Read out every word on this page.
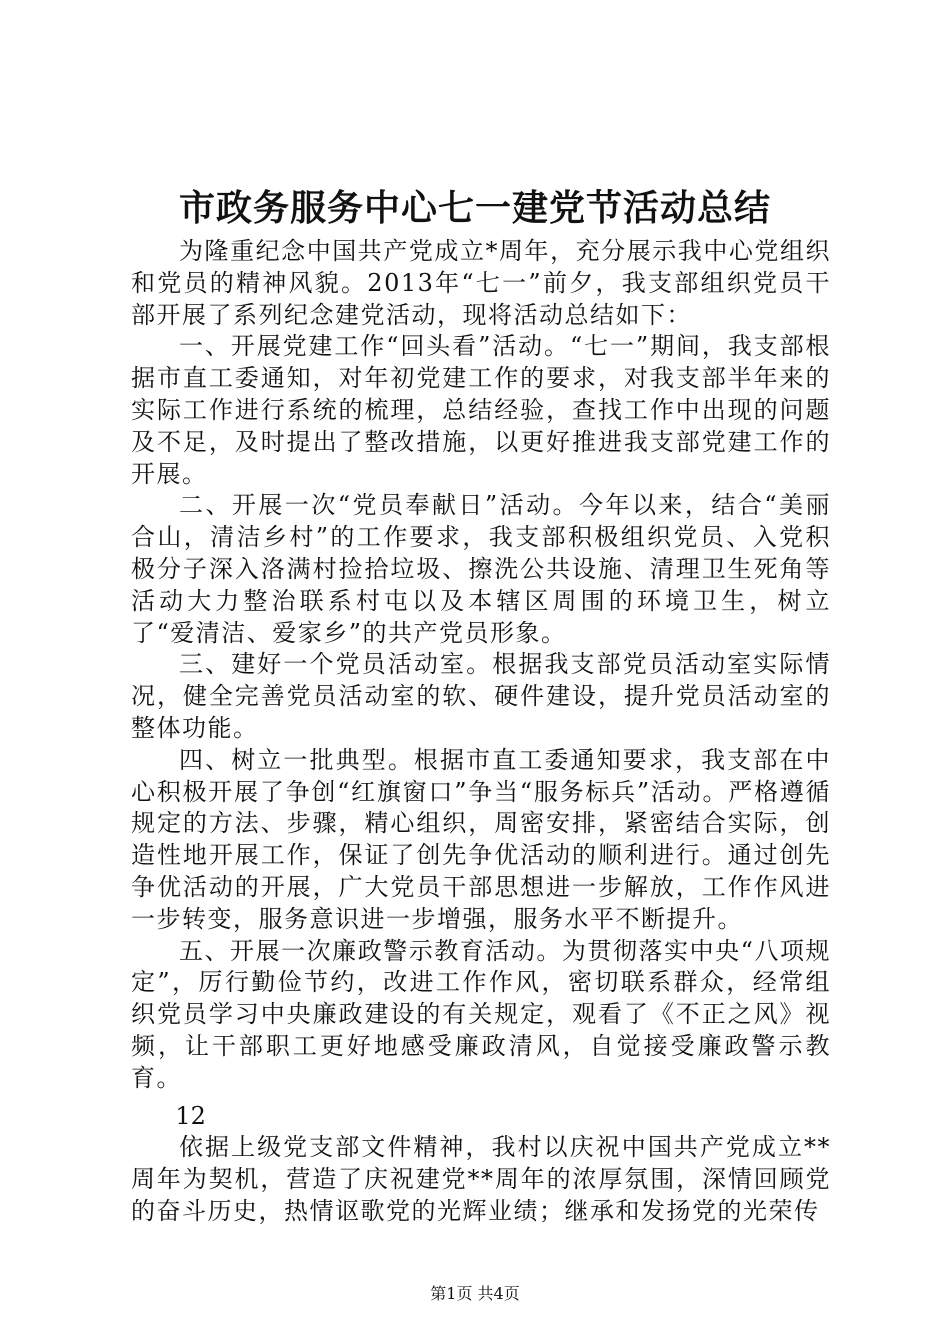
市政务服务中心七一建党节活动总结

为隆重纪念中国共产党成立*周年，充分展示我中心党组织和党员的精神风貌。2013年“七一”前夕，我支部组织党员干部开展了系列纪念建党活动，现将活动总结如下：

一、开展党建工作“回头看”活动。“七一”期间，我支部根据市直工委通知，对年初党建工作的要求，对我支部半年来的实际工作进行系统的梳理，总结经验，查找工作中出现的问题及不足，及时提出了整改措施，以更好推进我支部党建工作的开展。

二、开展一次“党员奉献日”活动。今年以来，结合“美丽合山，清洁乡村”的工作要求，我支部积极组织党员、入党积极分子深入洛满村捡拾垃圾、擦洗公共设施、清理卫生死角等活动大力整治联系村屯以及本辖区周围的环境卫生，树立了“爱清洁、爱家乡”的共产党员形象。

三、建好一个党员活动室。根据我支部党员活动室实际情况，健全完善党员活动室的软、硬件建设，提升党员活动室的整体功能。

四、树立一批典型。根据市直工委通知要求，我支部在中心积极开展了争创“红旗窗口”争当“服务标兵”活动。严格遵循规定的方法、步骤，精心组织，周密安排，紧密结合实际，创造性地开展工作，保证了创先争优活动的顺利进行。通过创先争优活动的开展，广大党员干部思想进一步解放，工作作风进一步转变，服务意识进一步增强，服务水平不断提升。

五、开展一次廉政警示教育活动。为贯彻落实中央“八项规定”，厉行勤俭节约，改进工作作风，密切联系群众，经常组织党员学习中央廉政建设的有关规定，观看了《不正之风》视频，让干部职工更好地感受廉政清风，自觉接受廉政警示教育。

12

依据上级党支部文件精神，我村以庆祝中国共产党成立**周年为契机，营造了庆祝建党**周年的浓厚氛围，深情回顾党的奋斗历史，热情讴歌党的光辉业绩；继承和发扬党的光荣传

第1页 共4页
